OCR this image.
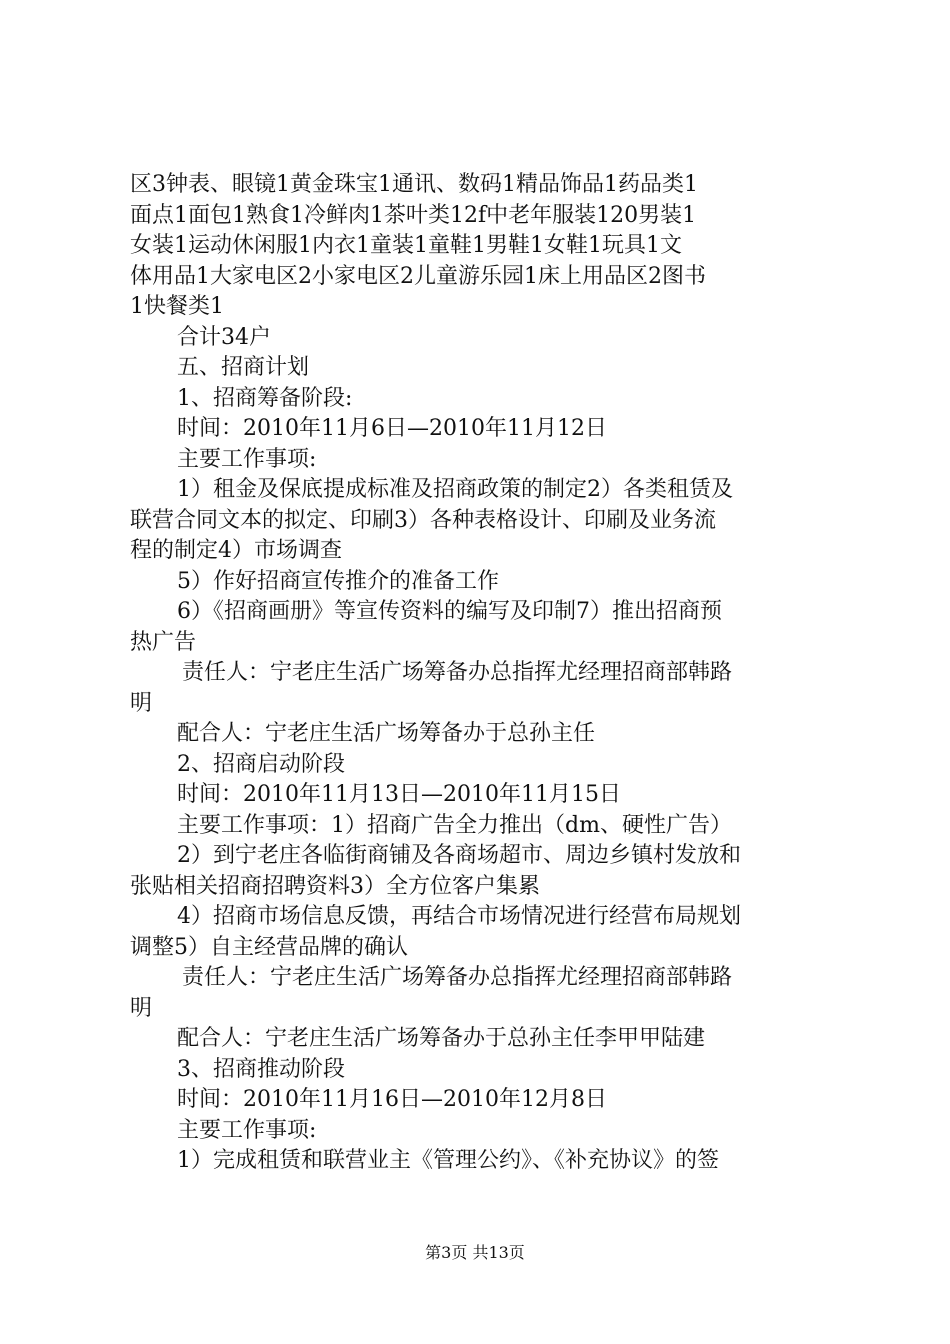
区3钟表、眼镜1黄金珠宝1通讯、数码1精品饰品1药品类1
面点1面包1熟食1冷鲜肉1茶叶类12f中老年服装120男装1
女装1运动休闲服1内衣1童装1童鞋1男鞋1女鞋1玩具1文
体用品1大家电区2小家电区2儿童游乐园1床上用品区2图书
1快餐类1
合计34户
五、招商计划
1、招商筹备阶段:
时间：2010年11月6日—2010年11月12日
主要工作事项:
1）租金及保底提成标准及招商政策的制定2）各类租赁及
联营合同文本的拟定、印刷3）各种表格设计、印刷及业务流
程的制定4）市场调查
5）作好招商宣传推介的准备工作
6）《招商画册》等宣传资料的编写及印制7）推出招商预
热广告
责任人：宁老庄生活广场筹备办总指挥尤经理招商部韩路
明
配合人：宁老庄生活广场筹备办于总孙主任
2、招商启动阶段
时间：2010年11月13日—2010年11月15日
主要工作事项：1）招商广告全力推出（dm、硬性广告）
2）到宁老庄各临街商铺及各商场超市、周边乡镇村发放和
张贴相关招商招聘资料3）全方位客户集累
4）招商市场信息反馈，再结合市场情况进行经营布局规划
调整5）自主经营品牌的确认
责任人：宁老庄生活广场筹备办总指挥尤经理招商部韩路
明
配合人：宁老庄生活广场筹备办于总孙主任李甲甲陆建
3、招商推动阶段
时间：2010年11月16日—2010年12月8日
主要工作事项:
1）完成租赁和联营业主《管理公约》、《补充协议》的签
第3页 共13页
